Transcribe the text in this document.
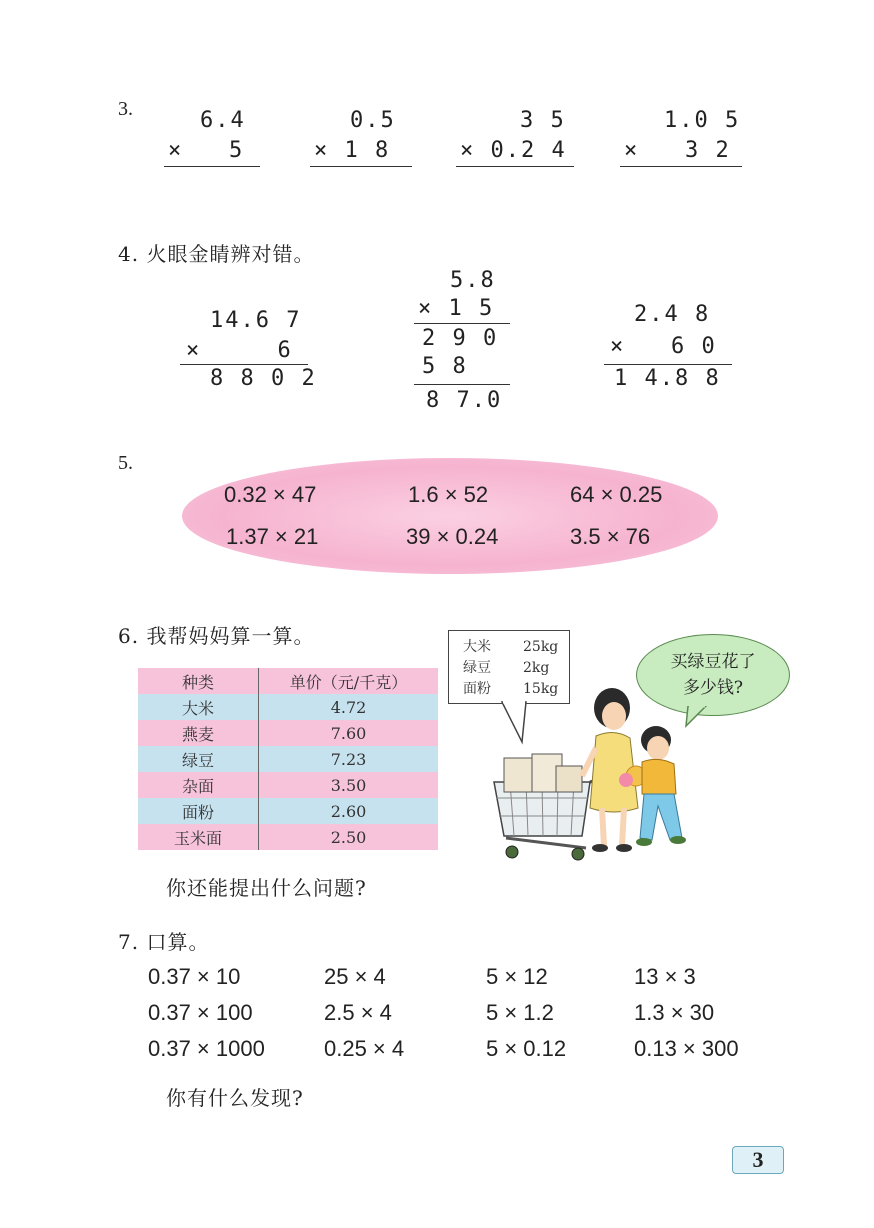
3.	6.4
×   5
0.5
× 1 8
3 5
× 0.2 4
1.0 5
×   3 2
4. 火眼金睛辨对错。
14.6 7
×     6
8 8 0 2
5.8
× 1 5
2 9 0
5 8
8 7.0
2.4 8
×   6 0
1 4.8 8
5.
0.32 × 47	1.6 × 52	64 × 0.25
1.37 × 21	39 × 0.24	3.5 × 76
6. 我帮妈妈算一算。
种类	单价（元/千克）
大米	4.72
燕麦	7.60
绿豆	7.23
杂面	3.50
面粉	2.60
玉米面	2.50
大米 25kg
绿豆 2kg
面粉 15kg
买绿豆花了
多少钱?
你还能提出什么问题?
7. 口算。
0.37 × 10	25 × 4	5 × 12	13 × 3
0.37 × 100	2.5 × 4	5 × 1.2	1.3 × 30
0.37 × 1000	0.25 × 4	5 × 0.12	0.13 × 300
你有什么发现?
3
